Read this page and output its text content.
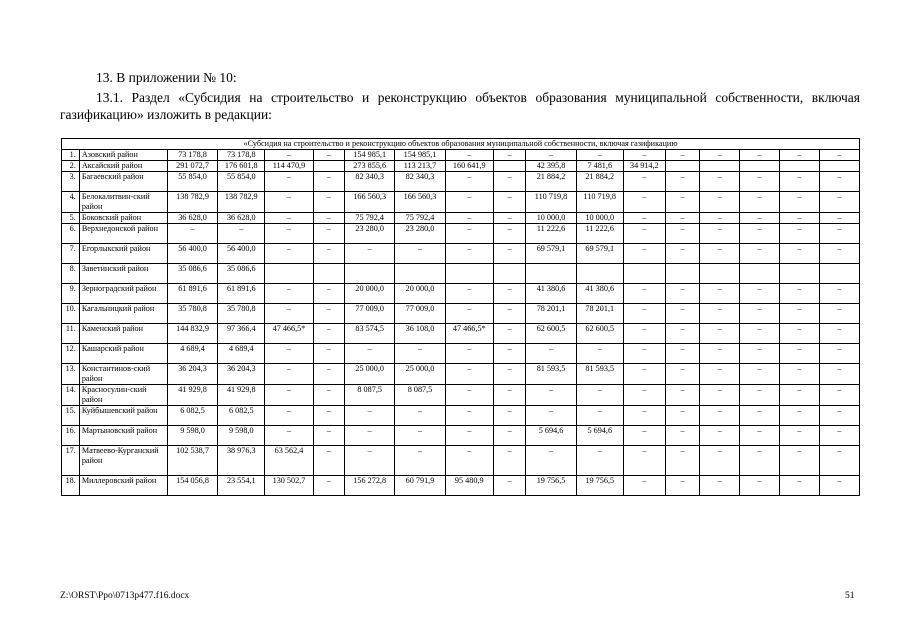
13. В приложении № 10:
13.1. Раздел «Субсидия на строительство и реконструкцию объектов образования муниципальной собственности, включая газификацию» изложить в редакции:
«Субсидия на строительство и реконструкцию объектов образования муниципальной собственности, включая газификацию																	
1.	Азовский район	73 178,8	73 178,8	–	–	154 985,1	154 985,1	–	–	–	–	–	–	–	–	–	–
2.	Аксайский район	291 072,7	176 601,8	114 470,9		273 855,6	113 213,7	160 641,9		42 395,8	7 481,6	34 914,2					
3.	Багаевский район	55 854,0	55 854,0	–	–	82 340,3	82 340,3	–	–	21 884,2	21 884,2	–	–	–	–	–	–
4.	Белокалитвин-ский район	138 782,9	138 782,9	–	–	166 560,3	166 560,3	–	–	110 719,8	110 719,8	–	–	–	–	–	–
5.	Боковский район	36 628,0	36 628,0	–	–	75 792,4	75 792,4	–	–	10 000,0	10 000,0	–	–	–	–	–	–
6.	Верхнедонской район	–	–	–	–	23 280,0	23 280,0	–	–	11 222,6	11 222,6	–	–	–	–	–	–
7.	Егорлыкский район	56 400,0	56 400,0	–	–	–	–	–	–	69 579,1	69 579,1	–	–	–	–	–	–
8.	Заветинский район	35 086,6	35 086,6														
9.	Зерноградский район	61 891,6	61 891,6	–	–	20 000,0	20 000,0	–	–	41 380,6	41 380,6	–	–	–	–	–	–
10.	Кагальницкий район	35 780,8	35 780,8	–	–	77 009,0	77 009,0	–	–	78 201,1	78 201,1	–	–	–	–	–	–
11.	Каменский район	144 832,9	97 366,4	47 466,5*	–	83 574,5	36 108,0	47 466,5*	–	62 600,5	62 600,5	–	–	–	–	–	–
12.	Кашарский район	4 689,4	4 689,4	–	–	–	–	–	–	–	–	–	–	–	–	–	–
13.	Константинов-ский район	36 204,3	36 204,3	–	–	25 000,0	25 000,0	–	–	81 593,5	81 593,5	–	–	–	–	–	–
14.	Красносулин-ский район	41 929,8	41 929,8	–	–	8 087,5	8 087,5	–	–	–	–	–	–	–	–	–	–
15.	Куйбышевский район	6 082,5	6 082,5	–	–	–	–	–	–	–	–	–	–	–	–	–	–
16.	Мартыновский район	9 598,0	9 598,0	–	–	–	–	–	–	5 694,6	5 694,6	–	–	–	–	–	–
17.	Матвеево-Курганский район	102 538,7	38 976,3	63 562,4	–	–	–	–	–	–	–	–	–	–	–	–	–
18.	Миллеровский район	154 056,8	23 554,1	130 502,7	–	156 272,8	60 791,9	95 480,9	–	19 756,5	19 756,5	–	–	–	–	–	–
Z:\ORST\Ppo\0713p477.f16.docx	51
